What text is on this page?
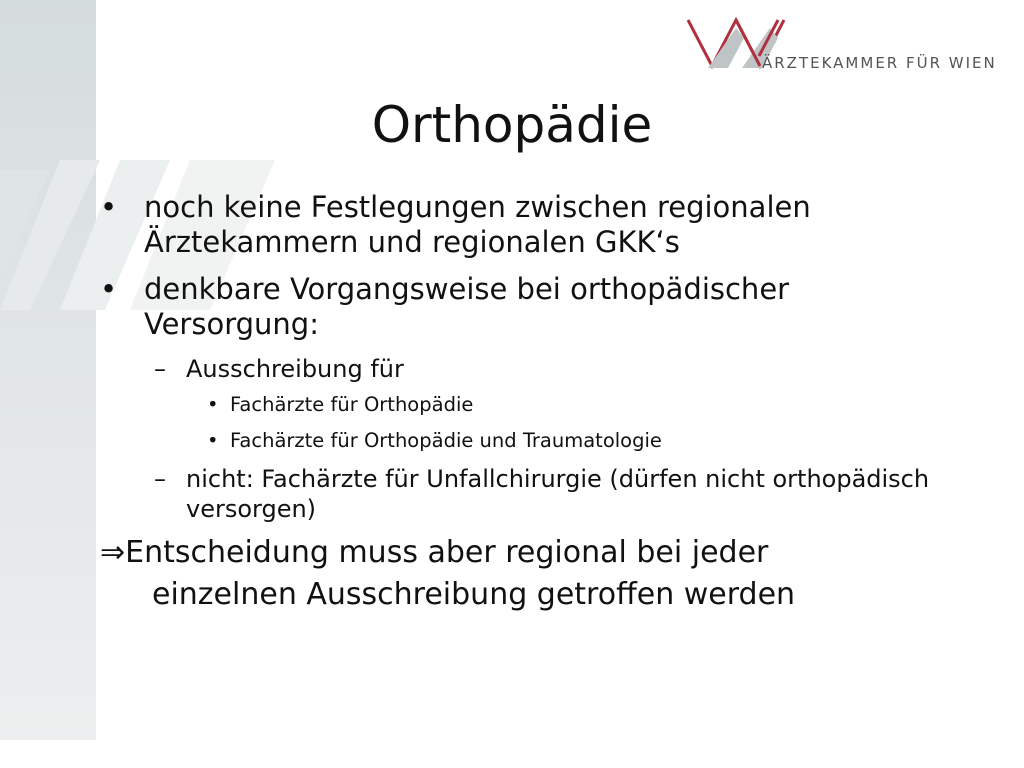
ÄRZTEKAMMER FÜR WIEN

Orthopädie
• noch keine Festlegungen zwischen regionalen Ärztekammern und regionalen GKK‘s
• denkbare Vorgangsweise bei orthopädischer Versorgung:
– Ausschreibung für
• Fachärzte für Orthopädie
• Fachärzte für Orthopädie und Traumatologie
– nicht: Fachärzte für Unfallchirurgie (dürfen nicht orthopädisch versorgen)
⇒Entscheidung muss aber regional bei jeder
einzelnen Ausschreibung getroffen werden
